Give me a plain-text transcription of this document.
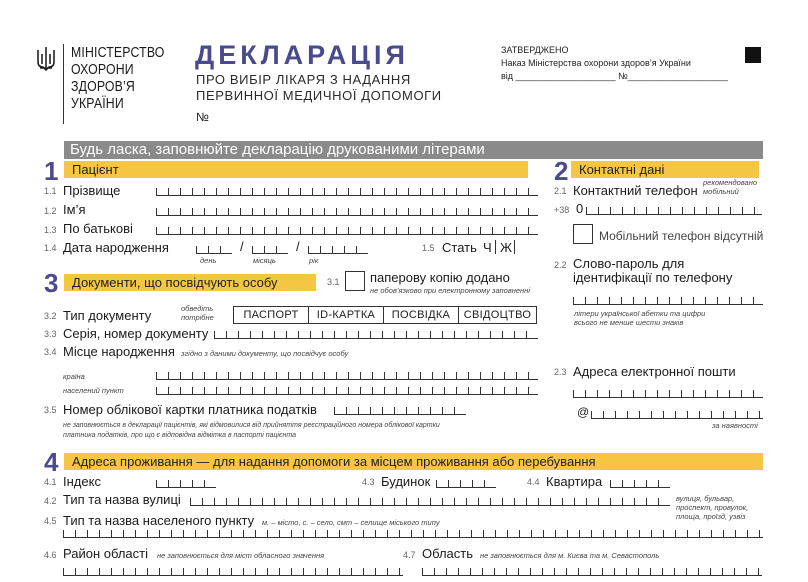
МІНІСТЕРСТВО
ОХОРОНИ
ЗДОРОВ’Я
УКРАЇНИ
ДЕКЛАРАЦІЯ
ПРО ВИБІР ЛІКАРЯ З НАДАННЯ
ПЕРВИННОЇ МЕДИЧНОЇ ДОПОМОГИ
№
ЗАТВЕРДЖЕНО
Наказ Міністерства охорони здоров’я України
від ____________________ №____________________
Будь ласка, заповнюйте декларацію друкованими літерами
1	Пацієнт
1.1 Прізвище
1.2 Ім’я
1.3 По батькові
1.4 Дата народження	/	/
день	місяць	рік
1.5 Стать Ч Ж
2 Контактні дані
2.1 Контактний телефон
рекомендовано мобільний
+38 0
Мобільний телефон відсутній
2.2 Слово-пароль для
ідентифікації по телефону
літери української абетки та цифри
всього не менше шести знаків
2.3 Адреса електронної пошти
@
за наявності
3	Документи, що посвідчують особу	3.1 паперову копію додано
не обов’язково при електронному заповненні
3.2 Тип документу	обведіть
потрібне	ПАСПОРТ	ID-КАРТКА	ПОСВІДКА	СВІДОЦТВО
3.3 Серія, номер документу
3.4 Місце народження згідно з даними документу, що посвідчує особу
країна
населений пункт
3.5 Номер облікової картки платника податків
не заповнюється в декларації пацієнтів, які відмовилися від прийняття реєстраційного номера облікової картки
платника податків, про що є відповідна відмітка в паспорті пацієнта
4	Адреса проживання — для надання допомоги за місцем проживання або перебування
4.1 Індекс	4.3 Будинок	4.4 Квартира
4.2 Тип та назва вулиці	вулиця, бульвар,
проспект, провулок,
площа, проїзд, узвіз
4.5 Тип та назва населеного пункту м. – місто, с. – село, смт – селище міського типу
4.6 Район області не заповнюється для міст обласного значення	4.7 Область не заповнюється для м. Києва та м. Севастополь
